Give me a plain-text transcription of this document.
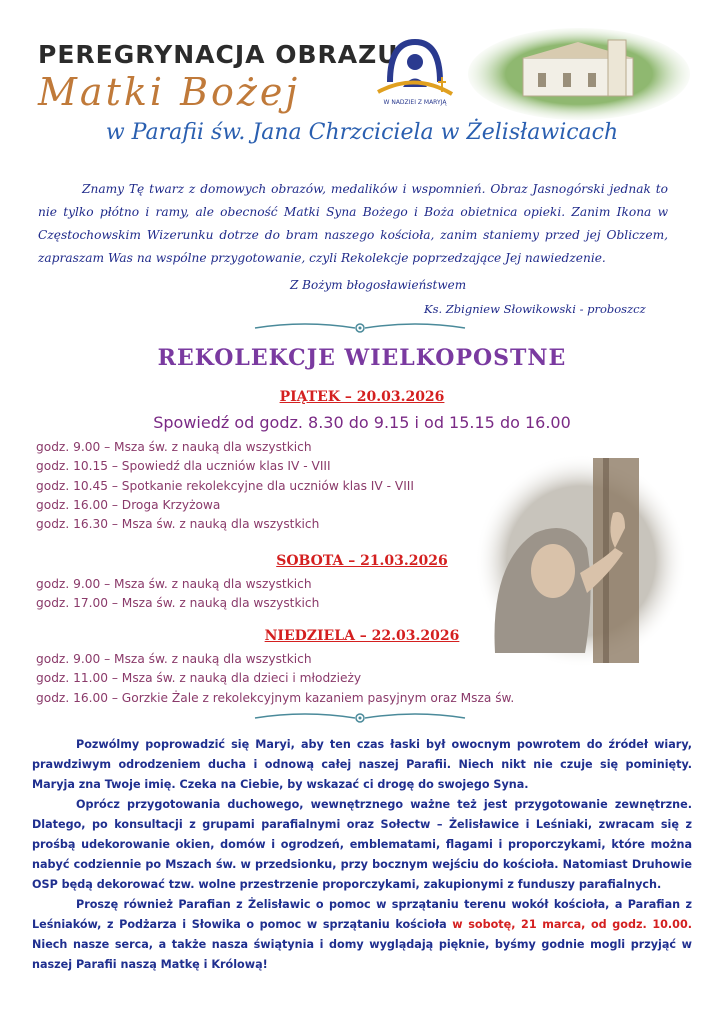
PEREGRYNACJA OBRAZU
Matki Bożej	W NADZIEI Z MARYJĄ
w Parafii św. Jana Chrzciciela w Żelisławicach
Znamy Tę twarz z domowych obrazów, medalików i wspomnień. Obraz Jasnogórski jednak to nie tylko płótno i ramy, ale obecność Matki Syna Bożego i Boża obietnica opieki. Zanim Ikona w Częstochowskim Wizerunku dotrze do bram naszego kościoła, zanim staniemy przed jej Obliczem, zapraszam Was na wspólne przygotowanie, czyli Rekolekcje poprzedzające Jej nawiedzenie.
Z Bożym błogosławieństwem
Ks. Zbigniew Słowikowski - proboszcz
REKOLEKCJE WIELKOPOSTNE
PIĄTEK – 20.03.2026
Spowiedź od godz. 8.30 do 9.15 i od 15.15 do 16.00
godz. 9.00 – Msza św. z nauką dla wszystkich
godz. 10.15 – Spowiedź dla uczniów klas IV - VIII
godz. 10.45 – Spotkanie rekolekcyjne dla uczniów klas IV - VIII
godz. 16.00 – Droga Krzyżowa
godz. 16.30 – Msza św. z nauką dla wszystkich
SOBOTA – 21.03.2026
godz. 9.00 – Msza św. z nauką dla wszystkich
godz. 17.00 – Msza św. z nauką dla wszystkich
NIEDZIELA – 22.03.2026
godz. 9.00 – Msza św. z nauką dla wszystkich
godz. 11.00 – Msza św. z nauką dla dzieci i młodzieży
godz. 16.00 – Gorzkie Żale z rekolekcyjnym kazaniem pasyjnym oraz Msza św.

Pozwólmy poprowadzić się Maryi, aby ten czas łaski był owocnym powrotem do źródeł wiary, prawdziwym odrodzeniem ducha i odnową całej naszej Parafii. Niech nikt nie czuje się pominięty. Maryja zna Twoje imię. Czeka na Ciebie, by wskazać ci drogę do swojego Syna.

Oprócz przygotowania duchowego, wewnętrznego ważne też jest przygotowanie zewnętrzne. Dlatego, po konsultacji z grupami parafialnymi oraz Sołectw – Żelisławice i Leśniaki, zwracam się z prośbą udekorowanie okien, domów i ogrodzeń, emblematami, flagami i proporczykami, które można nabyć codziennie po Mszach św. w przedsionku, przy bocznym wejściu do kościoła. Natomiast Druhowie OSP będą dekorować tzw. wolne przestrzenie proporczykami, zakupionymi z funduszy parafialnych.

Proszę również Parafian z Żelisławic o pomoc w sprzątaniu terenu wokół kościoła, a Parafian z Leśniaków, z Podżarza i Słowika o pomoc w sprzątaniu kościoła w sobotę, 21 marca, od godz. 10.00. Niech nasze serca, a także nasza świątynia i domy wyglądają pięknie, byśmy godnie mogli przyjąć w naszej Parafii naszą Matkę i Królową!
